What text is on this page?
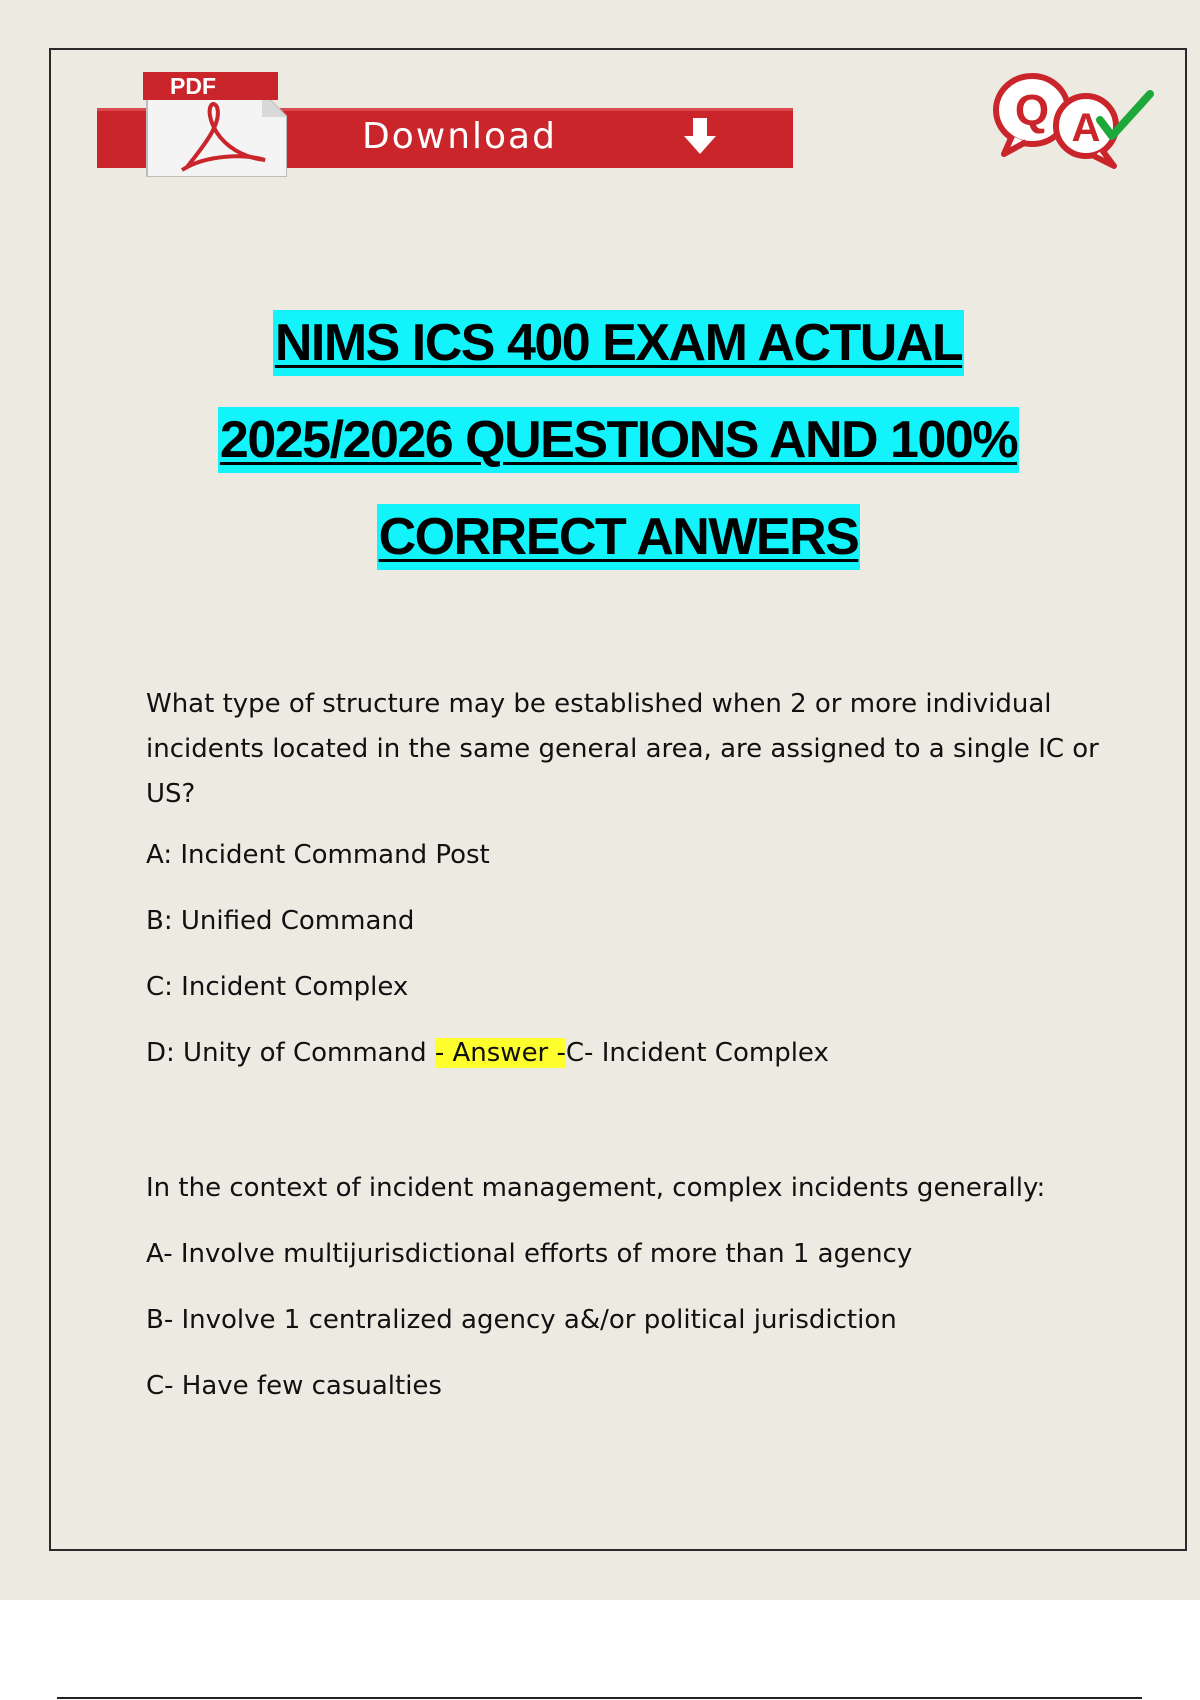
PDF
Download
Q A
NIMS ICS 400 EXAM ACTUAL
2025/2026 QUESTIONS AND 100%
CORRECT ANWERS

What type of structure may be established when 2 or more individual incidents located in the same general area, are assigned to a single IC or US?

A: Incident Command Post

B: Unified Command

C: Incident Complex

D: Unity of Command - Answer -C- Incident Complex

In the context of incident management, complex incidents generally:

A- Involve multijurisdictional efforts of more than 1 agency

B- Involve 1 centralized agency a&/or political jurisdiction

C- Have few casualties
